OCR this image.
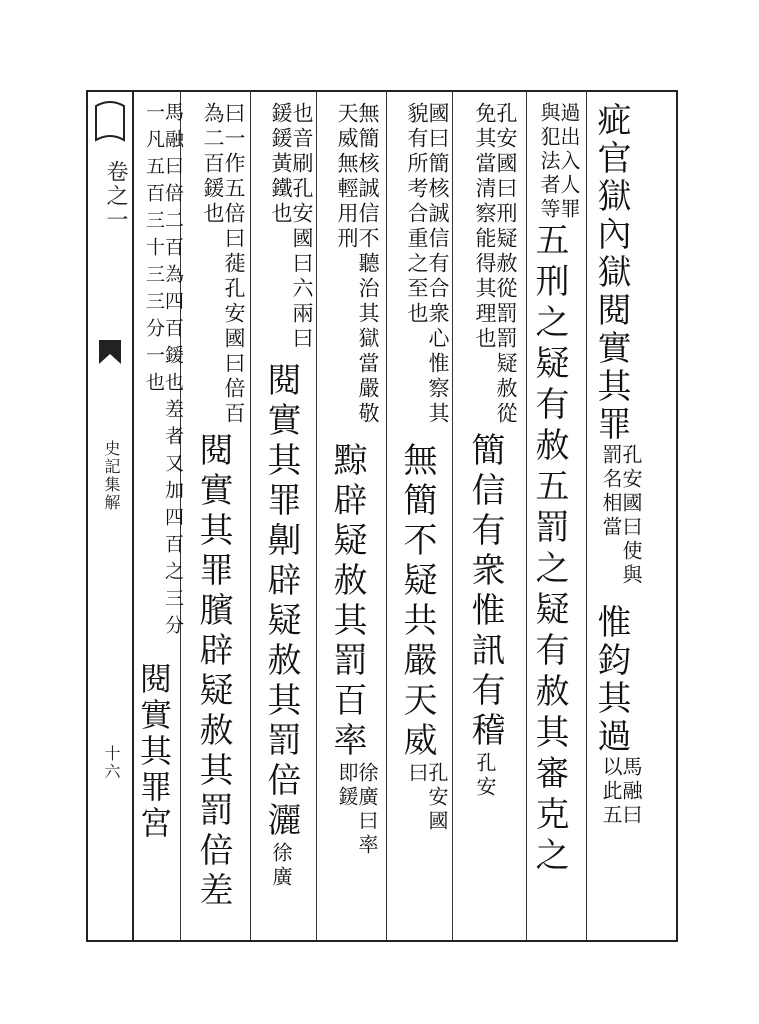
卷之一
史記集解
十六
疵官獄內獄閱實其罪孔安國曰使與罰名相當惟鈞其過馬融曰以此五
過出入人罪與犯法者等五刑之疑有赦五罰之疑有赦其審克之
孔安國曰刑疑赦從罰罰疑赦從免其當清察能得其理也簡信有衆惟訊有稽孔安
國曰簡核誠信有合衆心惟察其貌有所考合重之至也無簡不疑共嚴天威孔安國曰
無簡核誠信不聽治其獄當嚴敬天威無輕用刑黥辟疑赦其罰百率徐廣曰率即鍰
也音刷孔安國曰六兩曰鍰鍰黃鐵也閱實其罪劓辟疑赦其罰倍灑徐廣
曰一作五倍曰蓰孔安國曰倍百為二百鍰也閱實其罪臏辟疑赦其罰倍差
馬融曰倍二百為四百鍰也差者又加四百之三分一凡五百三十三三分一也閱實其罪宮
